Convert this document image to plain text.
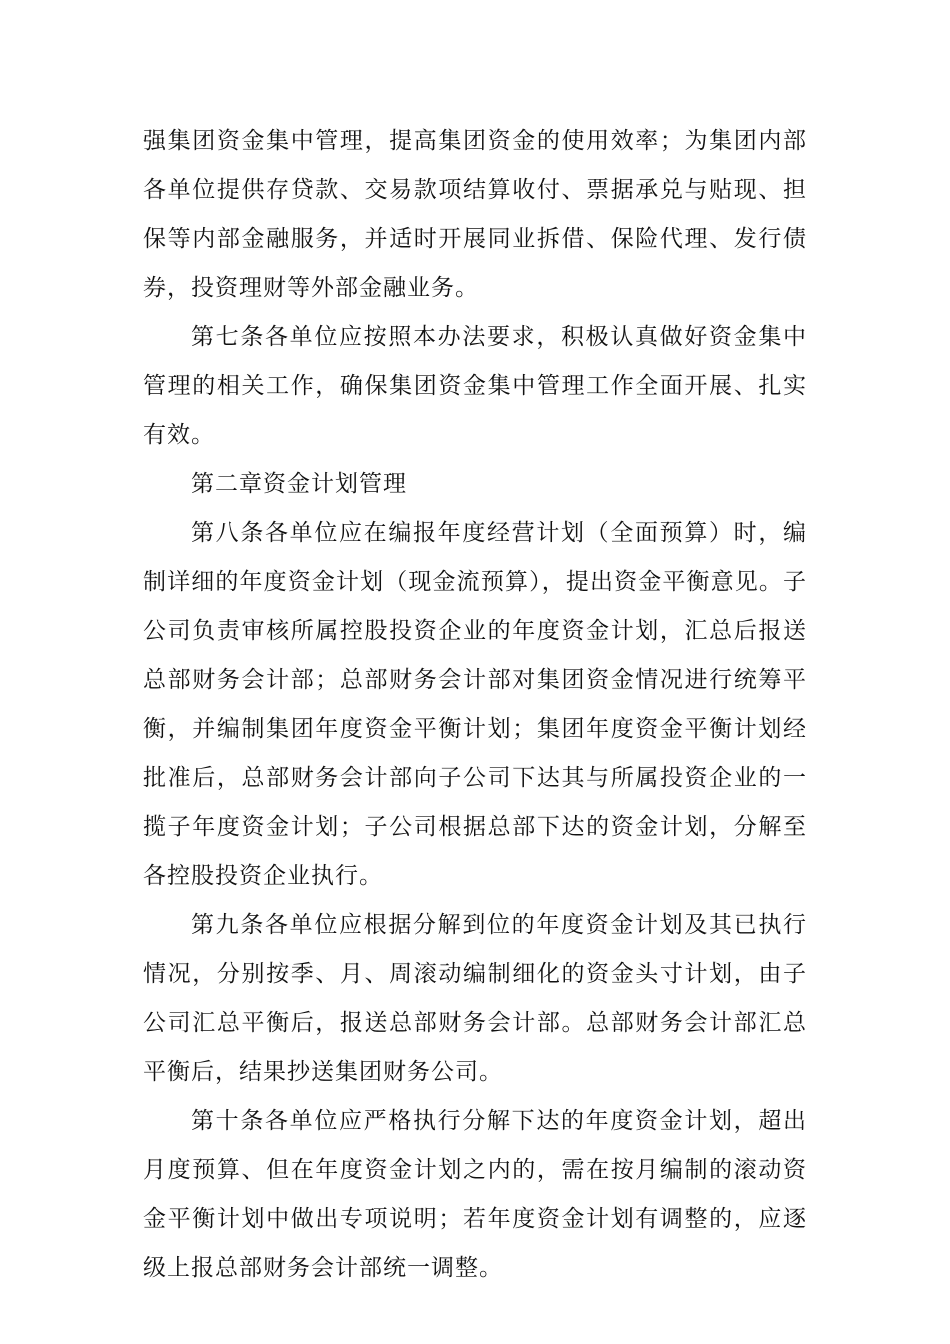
强集团资金集中管理，提高集团资金的使用效率；为集团内部各单位提供存贷款、交易款项结算收付、票据承兑与贴现、担保等内部金融服务，并适时开展同业拆借、保险代理、发行债券，投资理财等外部金融业务。

第七条各单位应按照本办法要求，积极认真做好资金集中管理的相关工作，确保集团资金集中管理工作全面开展、扎实有效。

第二章资金计划管理

第八条各单位应在编报年度经营计划（全面预算）时，编制详细的年度资金计划（现金流预算），提出资金平衡意见。子公司负责审核所属控股投资企业的年度资金计划，汇总后报送总部财务会计部；总部财务会计部对集团资金情况进行统筹平衡，并编制集团年度资金平衡计划；集团年度资金平衡计划经批准后，总部财务会计部向子公司下达其与所属投资企业的一揽子年度资金计划；子公司根据总部下达的资金计划，分解至各控股投资企业执行。

第九条各单位应根据分解到位的年度资金计划及其已执行情况，分别按季、月、周滚动编制细化的资金头寸计划，由子公司汇总平衡后，报送总部财务会计部。总部财务会计部汇总平衡后，结果抄送集团财务公司。

第十条各单位应严格执行分解下达的年度资金计划，超出月度预算、但在年度资金计划之内的，需在按月编制的滚动资金平衡计划中做出专项说明；若年度资金计划有调整的，应逐级上报总部财务会计部统一调整。
